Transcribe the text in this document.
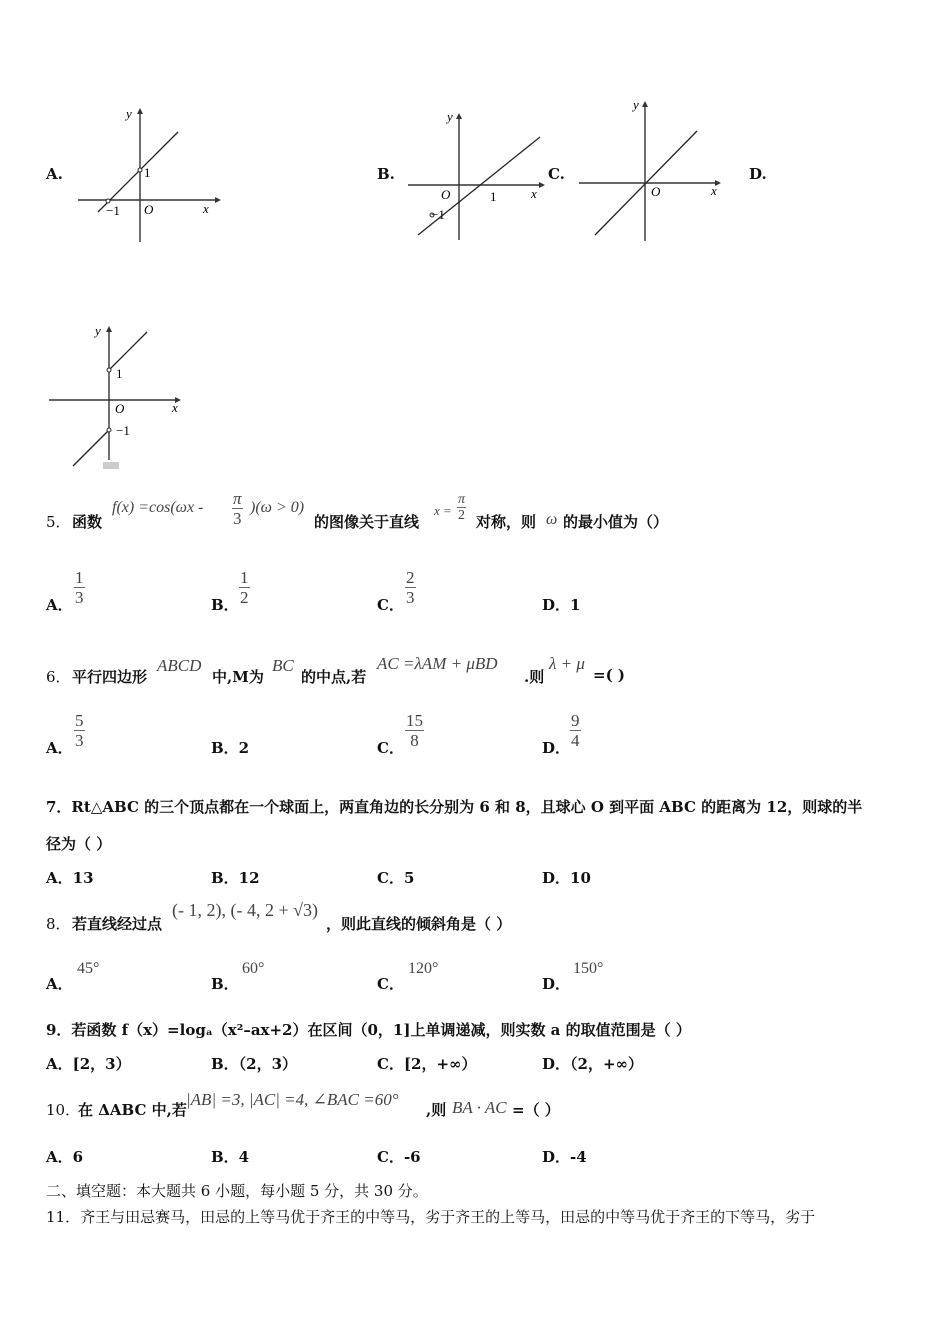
A.	B.	C.	D.
y
x
O
1
−1
y
x
O	1
−1
y
x
O
y
x
O
1
−1
5． 函数
$f(x) =\cos(\omega x - \frac{\pi}{3} )(\omega > 0)$
的图像关于直线
$x = \frac{\pi}{2}$ 对称，则 ω 的最小值为（）
A． $\frac{1}{3}$	B． $\frac{1}{2}$	C． $\frac{2}{3}$	D．1
6． 平行四边形
ABCD
中,M为
BC
的中点,若
AC =λAM + μBD
.则
λ + μ
=( )
A． $\frac{5}{3}$	B．2	C． $\frac{15}{8}$	D． $\frac{9}{4}$
7．Rt△ABC 的三个顶点都在一个球面上，两直角边的长分别为 6 和 8，且球心 O 到平面 ABC 的距离为 12，则球的半
径为（ ）
A．13	B．12	C．5	D．10
8． 若直线经过点
(- 1, 2), (- 4, 2 + √3)
，则此直线的倾斜角是（ ）
A．
45°
B．
60°
C．
120°
D．
150°
9．若函数 f（x）=logₐ（x²–ax+2）在区间（0，1]上单调递减，则实数 a 的取值范围是（ ）
A．[2，3）	B．（2，3）	C．[2，+∞）	D．（2，+∞）
10．
在 ΔABC 中,若
|AB| =3, |AC| =4, ∠BAC =60°
,则 BA · AC =（ ）
A．6	B．4	C．-6	D．-4
二、填空题：本大题共 6 小题，每小题 5 分，共 30 分。
11．齐王与田忌赛马，田忌的上等马优于齐王的中等马，劣于齐王的上等马，田忌的中等马优于齐王的下等马，劣于
